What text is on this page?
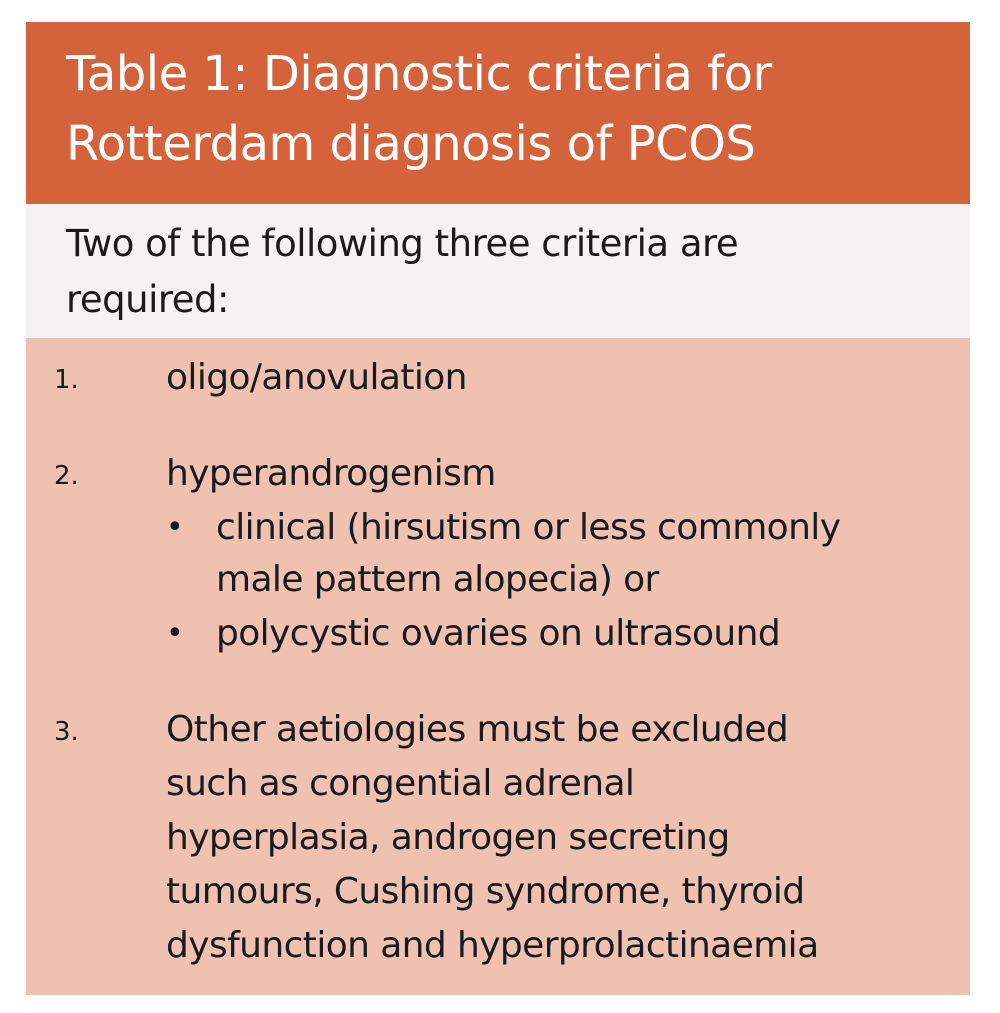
Table 1: Diagnostic criteria for
Rotterdam diagnosis of PCOS
Two of the following three criteria are
required:
1. oligo/anovulation
2. hyperandrogenism
• clinical (hirsutism or less commonly
male pattern alopecia) or
• polycystic ovaries on ultrasound
3. Other aetiologies must be excluded
such as congential adrenal
hyperplasia, androgen secreting
tumours, Cushing syndrome, thyroid
dysfunction and hyperprolactinaemia
